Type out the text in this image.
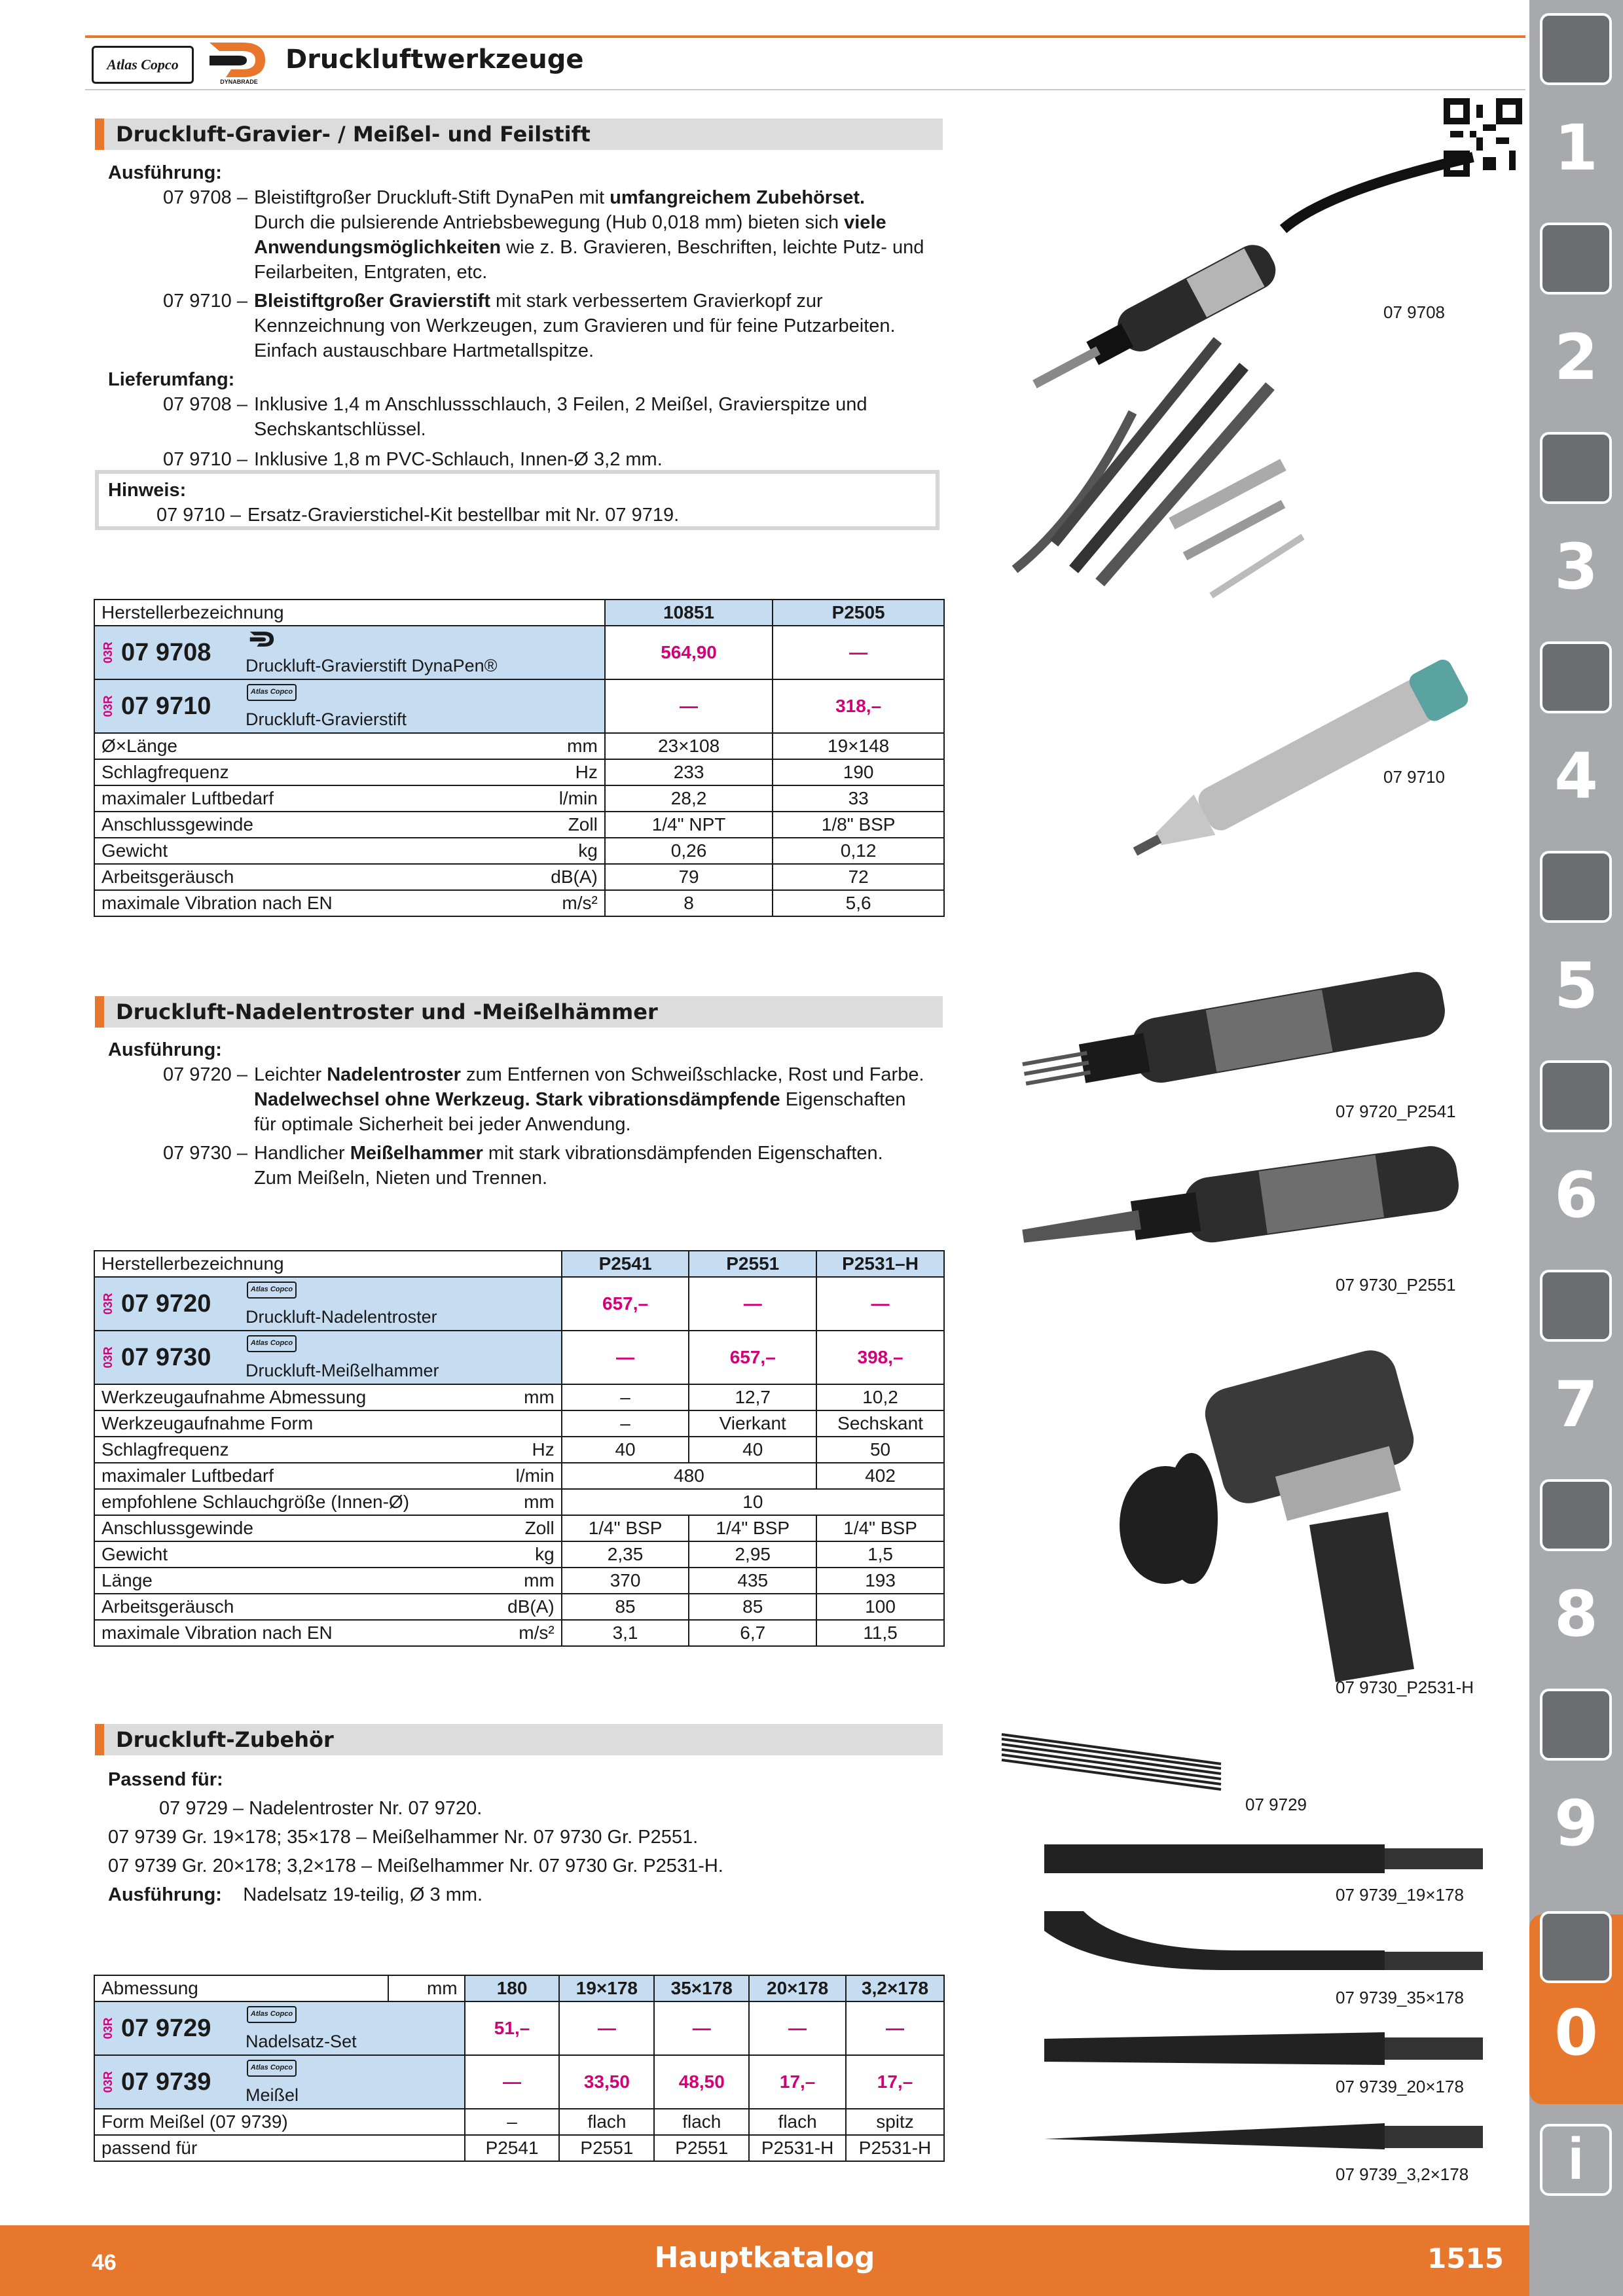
Atlas Copco
DYNABRADE
Druckluftwerkzeuge
Druckluft-Gravier- / Meißel- und Feilstift
Ausführung:
07 9708 – Bleistiftgroßer Druckluft-Stift DynaPen mit umfangreichem Zubehörset.
Durch die pulsierende Antriebsbewegung (Hub 0,018 mm) bieten sich viele
Anwendungsmöglichkeiten wie z. B. Gravieren, Beschriften, leichte Putz- und
Feilarbeiten, Entgraten, etc.
07 9710 – Bleistiftgroßer Gravierstift mit stark verbessertem Gravierkopf zur
Kennzeichnung von Werkzeugen, zum Gravieren und für feine Putzarbeiten.
Einfach austauschbare Hartmetallspitze.
Lieferumfang:
07 9708 – Inklusive 1,4 m Anschlussschlauch, 3 Feilen, 2 Meißel, Gravierspitze und
Sechskantschlüssel.
07 9710 – Inklusive 1,8 m PVC-Schlauch, Innen-Ø 3,2 mm.
Hinweis:
07 9710 – Ersatz-Gravierstichel-Kit bestellbar mit Nr. 07 9719.
Herstellerbezeichnung		10851	P2505

03R 07 9708 Druckluft-Gravierstift DynaPen®		564,90	—

03R 07 9710
Atlas Copco
Druckluft-Gravierstift		—	318,–
Ø×Länge	mm	23×108	19×148
Schlagfrequenz	Hz	233	190
maximaler Luftbedarf	l/min	28,2	33
Anschlussgewinde	Zoll	1/4" NPT	1/8" BSP
Gewicht	kg	0,26	0,12
Arbeitsgeräusch	dB(A)	79	72
maximale Vibration nach EN	m/s²	8	5,6
Druckluft-Nadelentroster und -Meißelhämmer
Ausführung:
07 9720 – Leichter Nadelentroster zum Entfernen von Schweißschlacke, Rost und Farbe.
Nadelwechsel ohne Werkzeug. Stark vibrationsdämpfende Eigenschaften
für optimale Sicherheit bei jeder Anwendung.
07 9730 – Handlicher Meißelhammer mit stark vibrationsdämpfenden Eigenschaften.
Zum Meißeln, Nieten und Trennen.
Herstellerbezeichnung		P2541	P2551	P2531–H

03R 07 9720
Atlas Copco
Druckluft-Nadelentroster		657,–	—	—

03R 07 9730
Atlas Copco
Druckluft-Meißelhammer		—	657,–	398,–
Werkzeugaufnahme Abmessung	mm	–	12,7	10,2
Werkzeugaufnahme Form		–	Vierkant	Sechskant
Schlagfrequenz	Hz	40	40	50
maximaler Luftbedarf	l/min	480		402
empfohlene Schlauchgröße (Innen-Ø)	mm	10		
Anschlussgewinde	Zoll	1/4" BSP	1/4" BSP	1/4" BSP
Gewicht	kg	2,35	2,95	1,5
Länge	mm	370	435	193
Arbeitsgeräusch	dB(A)	85	85	100
maximale Vibration nach EN	m/s²	3,1	6,7	11,5
Druckluft-Zubehör
Passend für:
07 9729 – Nadelentroster Nr. 07 9720.
07 9739 Gr. 19×178; 35×178 – Meißelhammer Nr. 07 9730 Gr. P2551.
07 9739 Gr. 20×178; 3,2×178 – Meißelhammer Nr. 07 9730 Gr. P2531-H.
Ausführung: Nadelsatz 19-teilig, Ø 3 mm.
Abmessung	mm	180	19×178	35×178	20×178	3,2×178

03R 07 9729
Atlas Copco
Nadelsatz-Set		51,–	—	—	—	—

03R 07 9739
Atlas Copco
Meißel		—	33,50	48,50	17,–	17,–
Form Meißel (07 9739)		–	flach	flach	flach	spitz
passend für		P2541	P2551	P2551	P2531-H	P2531-H
07 9708
07 9710
07 9720_P2541
07 9730_P2551
07 9730_P2531-H
07 9729
07 9739_19×178
07 9739_35×178
07 9739_20×178
07 9739_3,2×178
1
2
3
4
5
6
7
8
9
0
i
46	Hauptkatalog	1515
